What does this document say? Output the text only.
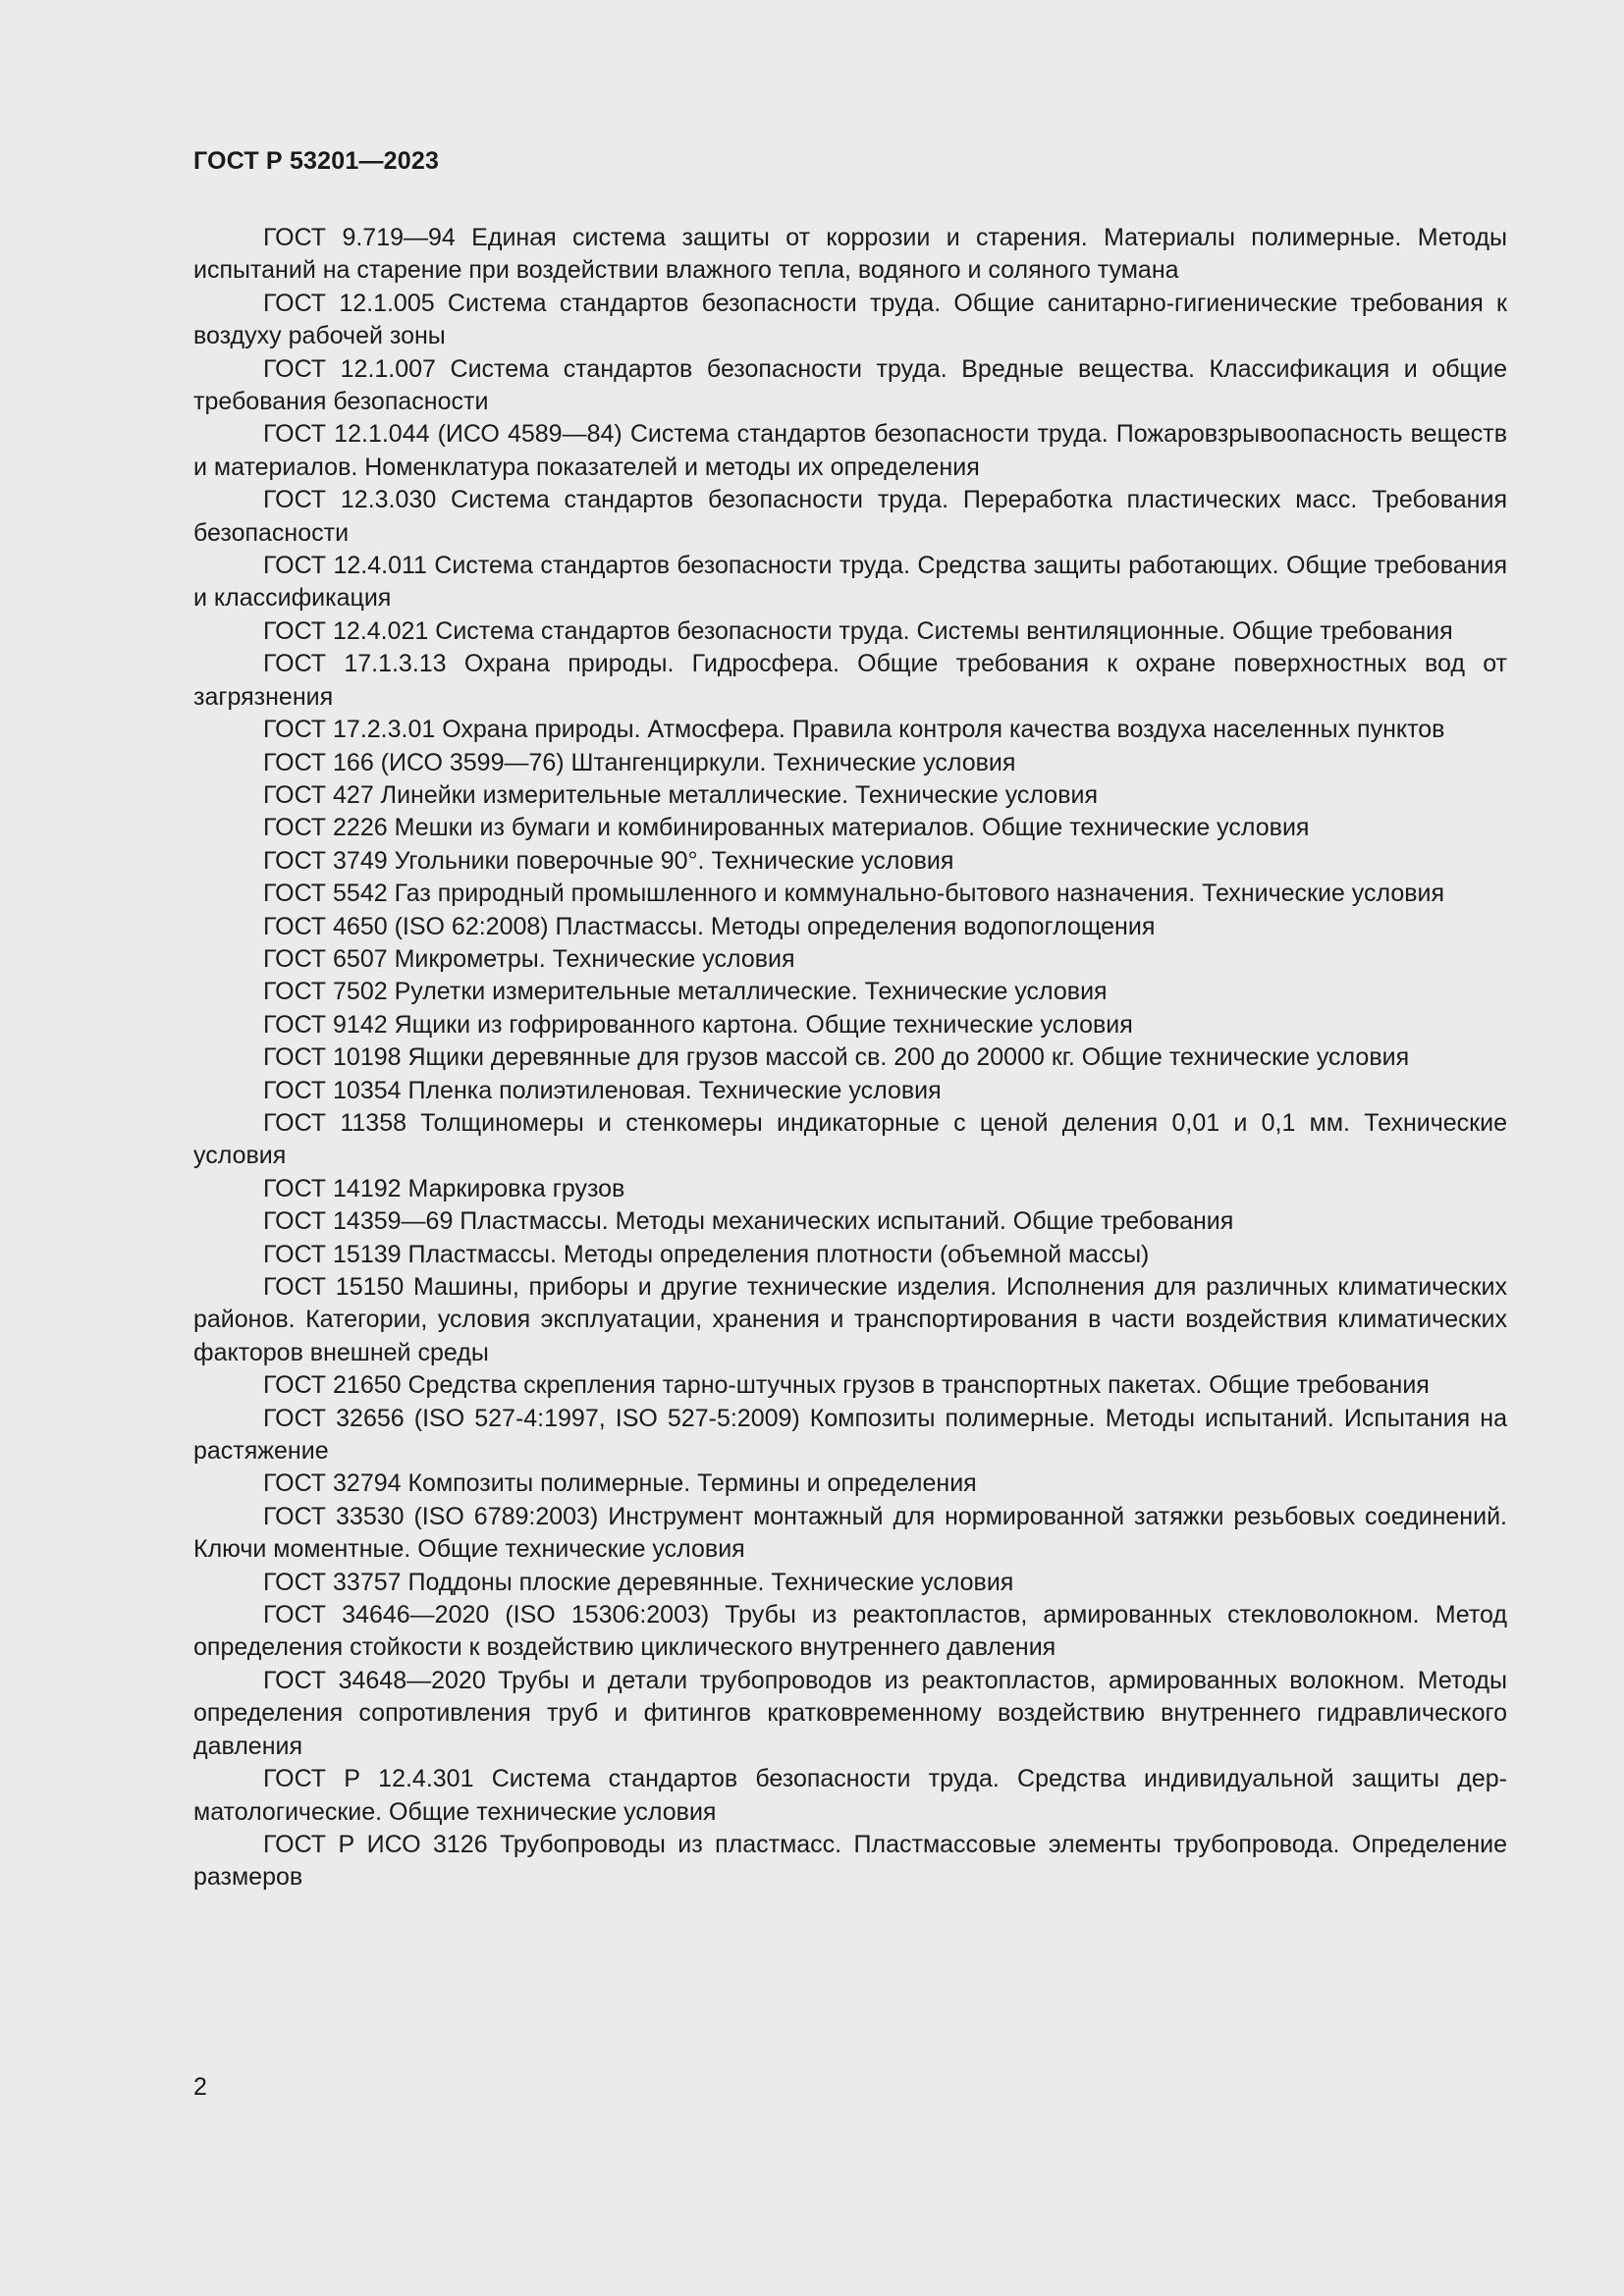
ГОСТ Р 53201—2023

ГОСТ 9.719—94 Единая система защиты от коррозии и старения. Материалы полимерные. Методы испытаний на старение при воздействии влажного тепла, водяного и соляного тумана

ГОСТ 12.1.005 Система стандартов безопасности труда. Общие санитарно-гигиенические требования к воздуху рабочей зоны

ГОСТ 12.1.007 Система стандартов безопасности труда. Вредные вещества. Классификация и общие требования безопасности

ГОСТ 12.1.044 (ИСО 4589—84) Система стандартов безопасности труда. Пожаровзрывоопасность веществ и материалов. Номенклатура показателей и методы их определения

ГОСТ 12.3.030 Система стандартов безопасности труда. Переработка пластических масс. Требования безопасности

ГОСТ 12.4.011 Система стандартов безопасности труда. Средства защиты работающих. Общие требования и классификация

ГОСТ 12.4.021 Система стандартов безопасности труда. Системы вентиляционные. Общие требования

ГОСТ 17.1.3.13 Охрана природы. Гидросфера. Общие требования к охране поверхностных вод от загрязнения

ГОСТ 17.2.3.01 Охрана природы. Атмосфера. Правила контроля качества воздуха населенных пунктов

ГОСТ 166 (ИСО 3599—76) Штангенциркули. Технические условия

ГОСТ 427 Линейки измерительные металлические. Технические условия

ГОСТ 2226 Мешки из бумаги и комбинированных материалов. Общие технические условия

ГОСТ 3749 Угольники поверочные 90°. Технические условия

ГОСТ 5542 Газ природный промышленного и коммунально-бытового назначения. Технические условия

ГОСТ 4650 (ISO 62:2008) Пластмассы. Методы определения водопоглощения

ГОСТ 6507 Микрометры. Технические условия

ГОСТ 7502 Рулетки измерительные металлические. Технические условия

ГОСТ 9142 Ящики из гофрированного картона. Общие технические условия

ГОСТ 10198 Ящики деревянные для грузов массой св. 200 до 20000 кг. Общие технические условия

ГОСТ 10354 Пленка полиэтиленовая. Технические условия

ГОСТ 11358 Толщиномеры и стенкомеры индикаторные с ценой деления 0,01 и 0,1 мм. Технические условия

ГОСТ 14192 Маркировка грузов

ГОСТ 14359—69 Пластмассы. Методы механических испытаний. Общие требования

ГОСТ 15139 Пластмассы. Методы определения плотности (объемной массы)

ГОСТ 15150 Машины, приборы и другие технические изделия. Исполнения для различных климатических районов. Категории, условия эксплуатации, хранения и транспортирования в части воздействия климатических факторов внешней среды

ГОСТ 21650 Средства скрепления тарно-штучных грузов в транспортных пакетах. Общие требования

ГОСТ 32656 (ISO 527-4:1997, ISO 527-5:2009) Композиты полимерные. Методы испытаний. Испытания на растяжение

ГОСТ 32794 Композиты полимерные. Термины и определения

ГОСТ 33530 (ISO 6789:2003) Инструмент монтажный для нормированной затяжки резьбовых соединений. Ключи моментные. Общие технические условия

ГОСТ 33757 Поддоны плоские деревянные. Технические условия

ГОСТ 34646—2020 (ISO 15306:2003) Трубы из реактопластов, армированных стекловолокном. Метод определения стойкости к воздействию циклического внутреннего давления

ГОСТ 34648—2020 Трубы и детали трубопроводов из реактопластов, армированных волокном. Методы определения сопротивления труб и фитингов кратковременному воздействию внутреннего гидравлического давления

ГОСТ Р 12.4.301 Система стандартов безопасности труда. Средства индивидуальной защиты дерматологические. Общие технические условия

ГОСТ Р ИСО 3126 Трубопроводы из пластмасс. Пластмассовые элементы трубопровода. Определение размеров

2
